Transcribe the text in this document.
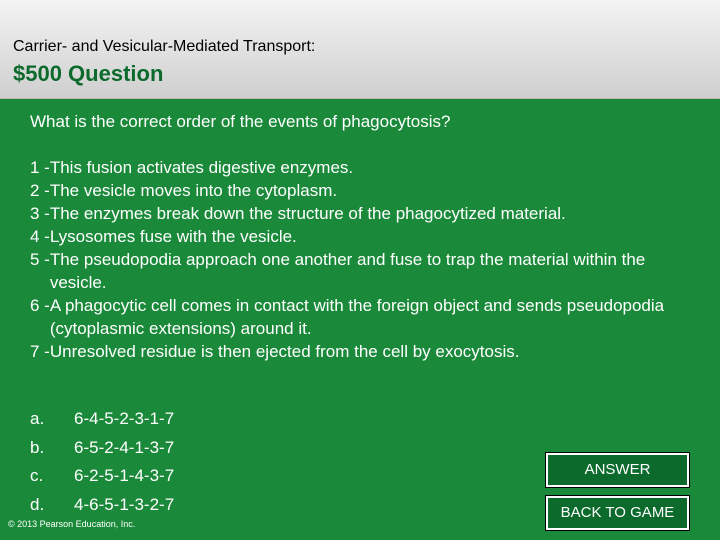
Carrier- and Vesicular-Mediated Transport:
$500 Question
What is the correct order of the events of phagocytosis?
1 - This fusion activates digestive enzymes.
2 - The vesicle moves into the cytoplasm.
3 - The enzymes break down the structure of the phagocytized material.
4 - Lysosomes fuse with the vesicle.
5 - The pseudopodia approach one another and fuse to trap the material within the vesicle.
6 - A phagocytic cell comes in contact with the foreign object and sends pseudopodia (cytoplasmic extensions) around it.
7 - Unresolved residue is then ejected from the cell by exocytosis.
a.	6-4-5-2-3-1-7
b.	6-5-2-4-1-3-7
c.	6-2-5-1-4-3-7
d.	4-6-5-1-3-2-7
© 2013 Pearson Education, Inc.
ANSWER
BACK TO GAME
